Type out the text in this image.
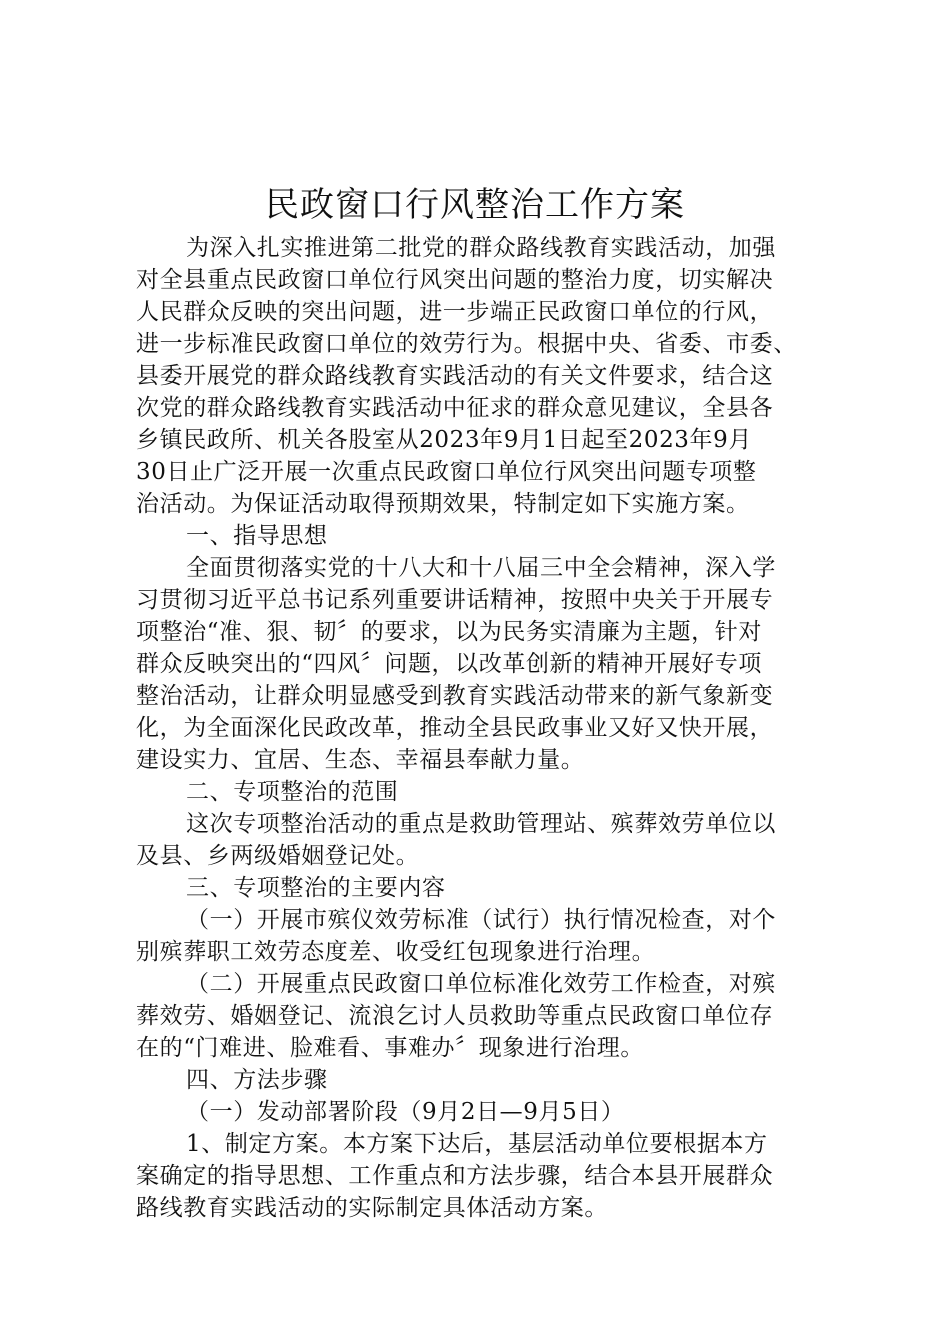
民政窗口行风整治工作方案
为深入扎实推进第二批党的群众路线教育实践活动，加强
对全县重点民政窗口单位行风突出问题的整治力度，切实解决
人民群众反映的突出问题，进一步端正民政窗口单位的行风，
进一步标准民政窗口单位的效劳行为。根据中央、省委、市委、
县委开展党的群众路线教育实践活动的有关文件要求，结合这
次党的群众路线教育实践活动中征求的群众意见建议，全县各
乡镇民政所、机关各股室从2023年9月1日起至2023年9月
30日止广泛开展一次重点民政窗口单位行风突出问题专项整
治活动。为保证活动取得预期效果，特制定如下实施方案。
一、指导思想
全面贯彻落实党的十八大和十八届三中全会精神，深入学
习贯彻习近平总书记系列重要讲话精神，按照中央关于开展专
项整治“准、狠、韧〞的要求，以为民务实清廉为主题，针对
群众反映突出的“四风〞问题，以改革创新的精神开展好专项
整治活动，让群众明显感受到教育实践活动带来的新气象新变
化，为全面深化民政改革，推动全县民政事业又好又快开展，
建设实力、宜居、生态、幸福县奉献力量。
二、专项整治的范围
这次专项整治活动的重点是救助管理站、殡葬效劳单位以
及县、乡两级婚姻登记处。
三、专项整治的主要内容
（一）开展市殡仪效劳标准（试行）执行情况检查，对个
别殡葬职工效劳态度差、收受红包现象进行治理。
（二）开展重点民政窗口单位标准化效劳工作检查，对殡
葬效劳、婚姻登记、流浪乞讨人员救助等重点民政窗口单位存
在的“门难进、脸难看、事难办〞现象进行治理。
四、方法步骤
（一）发动部署阶段（9月2日—9月5日）
1、制定方案。本方案下达后，基层活动单位要根据本方
案确定的指导思想、工作重点和方法步骤，结合本县开展群众
路线教育实践活动的实际制定具体活动方案。
